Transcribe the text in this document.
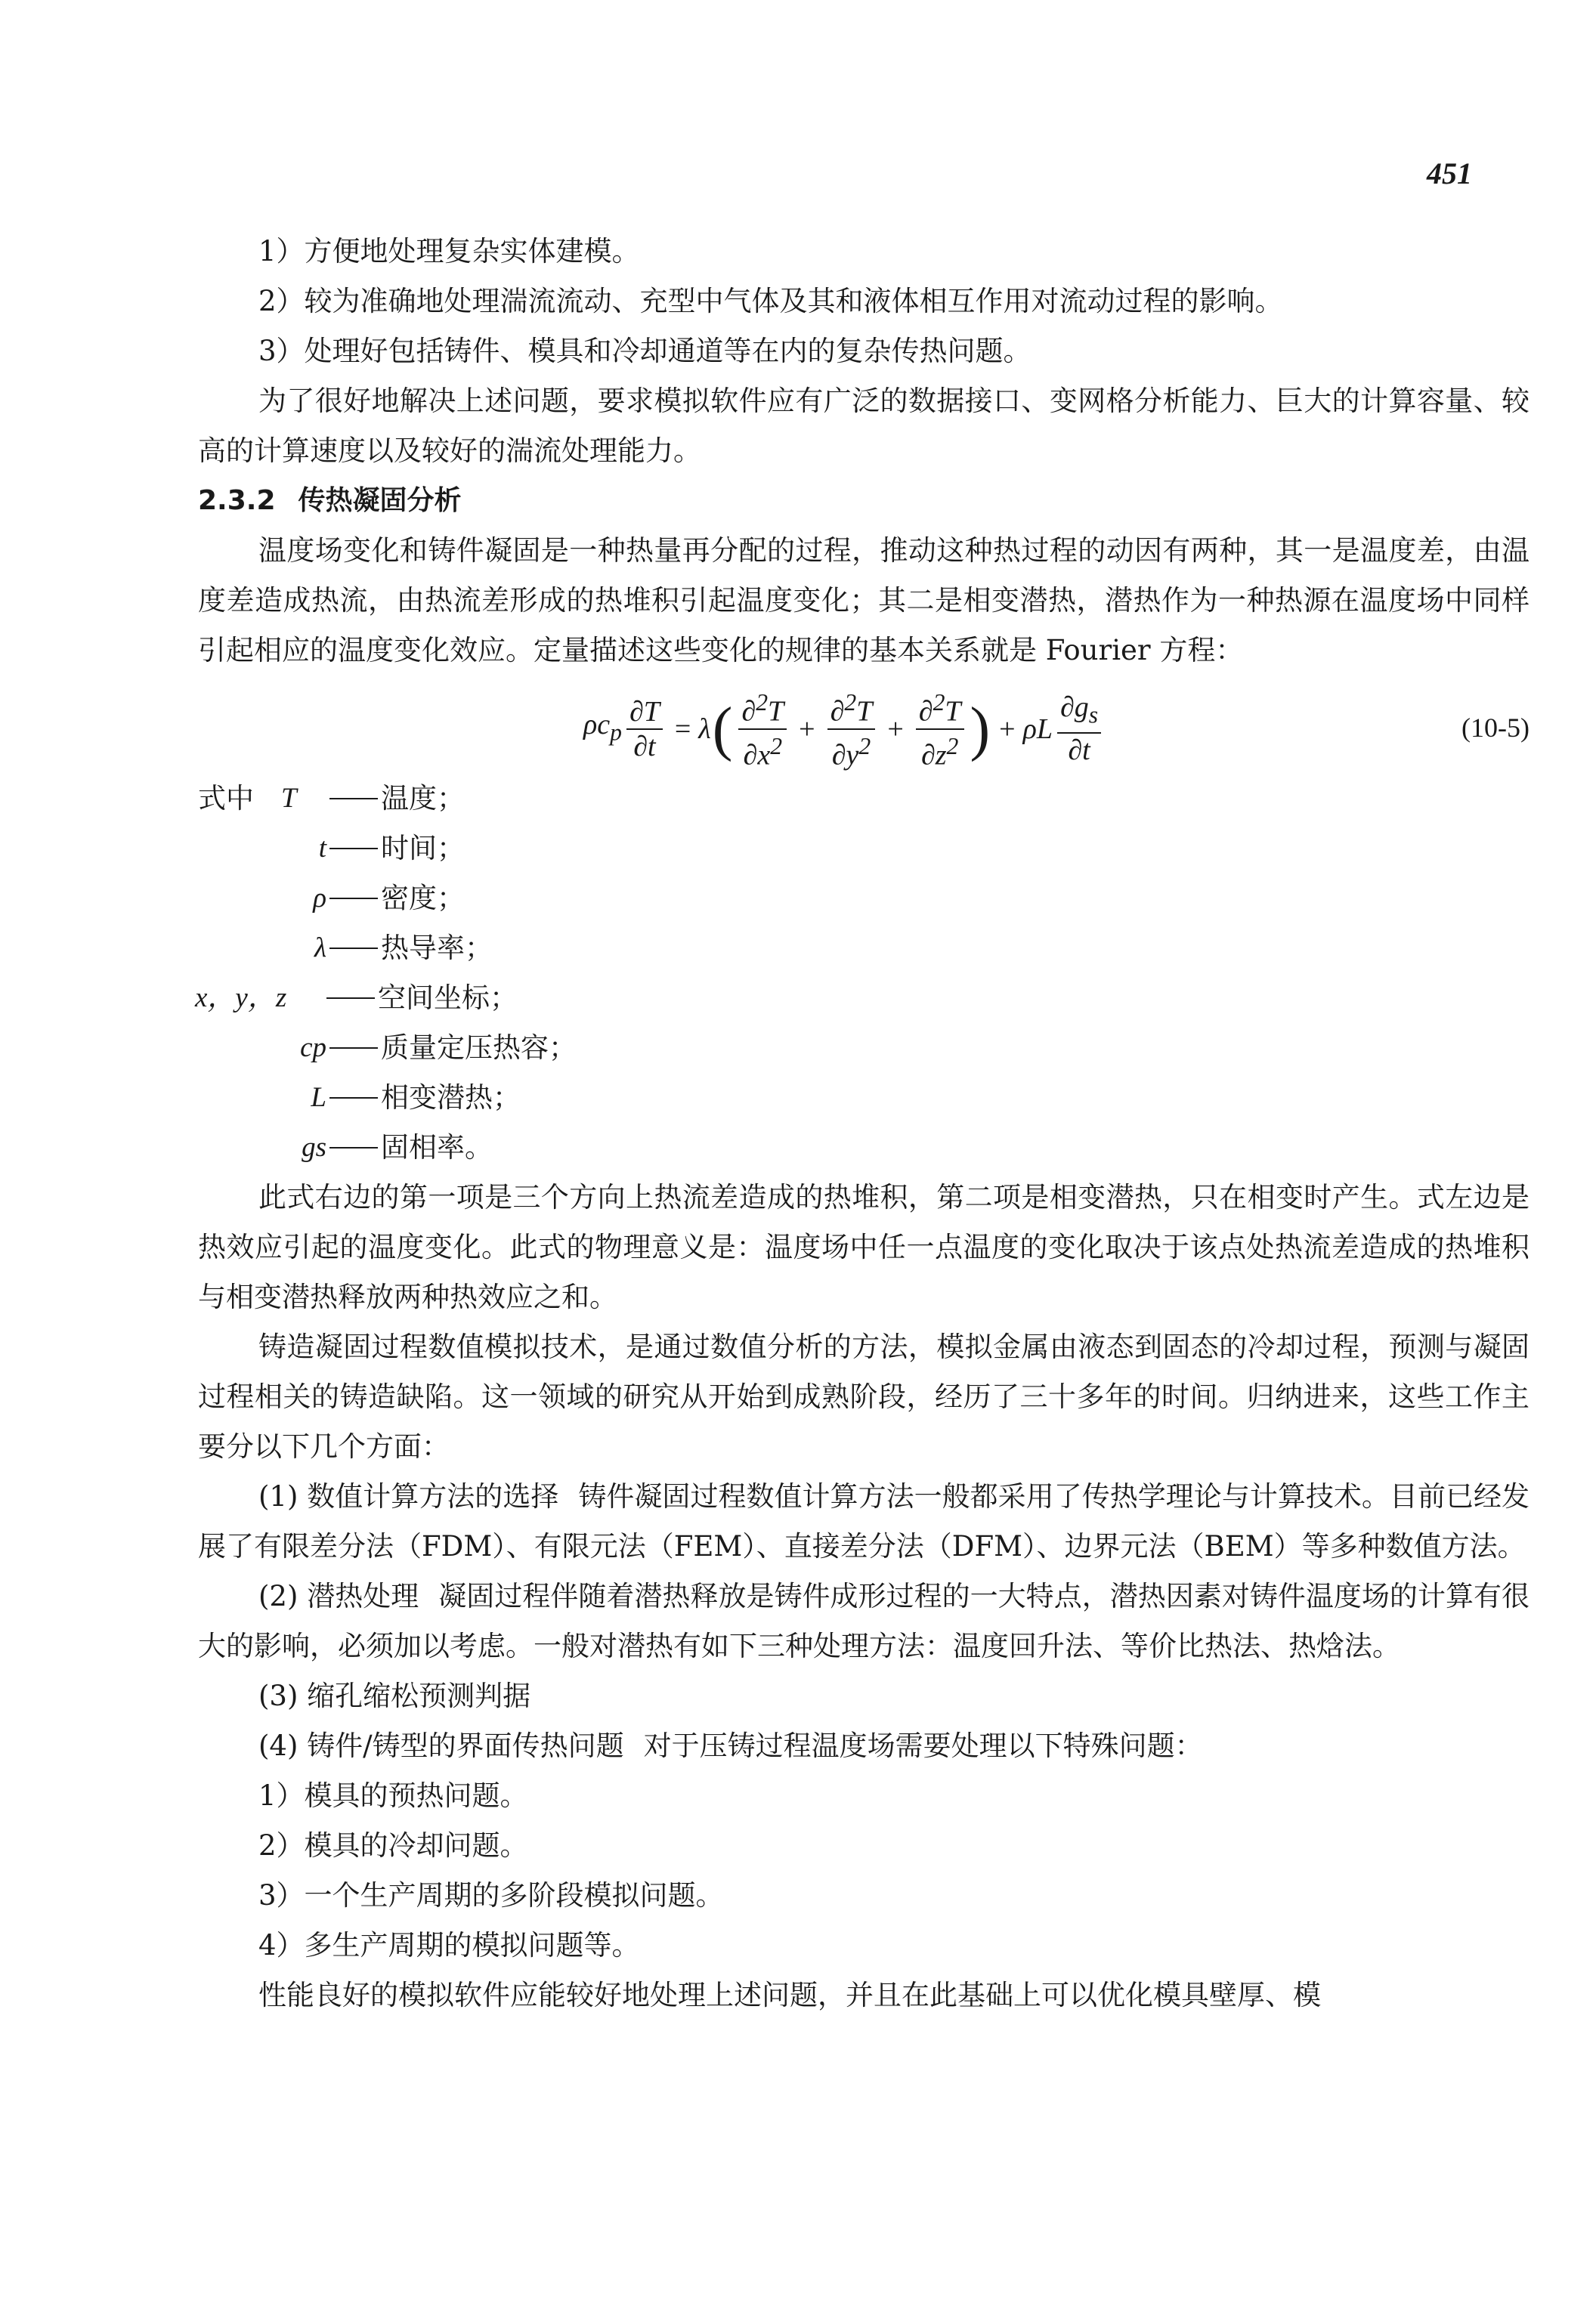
451

1）方便地处理复杂实体建模。

2）较为准确地处理湍流流动、充型中气体及其和液体相互作用对流动过程的影响。

3）处理好包括铸件、模具和冷却通道等在内的复杂传热问题。

为了很好地解决上述问题，要求模拟软件应有广泛的数据接口、变网格分析能力、巨大的计算容量、较高的计算速度以及较好的湍流处理能力。

2.3.2 传热凝固分析

温度场变化和铸件凝固是一种热量再分配的过程，推动这种热过程的动因有两种，其一是温度差，由温度差造成热流，由热流差形成的热堆积引起温度变化；其二是相变潜热，潜热作为一种热源在温度场中同样引起相应的温度变化效应。定量描述这些变化的规律的基本关系就是 Fourier 方程：

$\rho c_p \frac{\partial T}{\partial t} = \lambda$ ( $\frac{\partial^2T}{\partial x^2} + \frac{\partial^2T}{\partial y^2} + \frac{\partial^2T}{\partial z^2}$ ) + ρL $\frac{\partial g_s}{\partial t}$	(10-5)
式中 T	温度；
t 时间；
ρ 密度；
λ 热导率；
x，y，z	空间坐标；
cp 质量定压热容；
L 相变潜热；
gs 固相率。

此式右边的第一项是三个方向上热流差造成的热堆积，第二项是相变潜热，只在相变时产生。式左边是热效应引起的温度变化。此式的物理意义是：温度场中任一点温度的变化取决于该点处热流差造成的热堆积与相变潜热释放两种热效应之和。

铸造凝固过程数值模拟技术，是通过数值分析的方法，模拟金属由液态到固态的冷却过程，预测与凝固过程相关的铸造缺陷。这一领域的研究从开始到成熟阶段，经历了三十多年的时间。归纳进来，这些工作主要分以下几个方面：

(1) 数值计算方法的选择 铸件凝固过程数值计算方法一般都采用了传热学理论与计算技术。目前已经发展了有限差分法（FDM）、有限元法（FEM）、直接差分法（DFM）、边界元法（BEM）等多种数值方法。

(2) 潜热处理 凝固过程伴随着潜热释放是铸件成形过程的一大特点，潜热因素对铸件温度场的计算有很大的影响，必须加以考虑。一般对潜热有如下三种处理方法：温度回升法、等价比热法、热焓法。

(3) 缩孔缩松预测判据

(4) 铸件/铸型的界面传热问题 对于压铸过程温度场需要处理以下特殊问题：

1）模具的预热问题。

2）模具的冷却问题。

3）一个生产周期的多阶段模拟问题。

4）多生产周期的模拟问题等。

性能良好的模拟软件应能较好地处理上述问题，并且在此基础上可以优化模具壁厚、模
